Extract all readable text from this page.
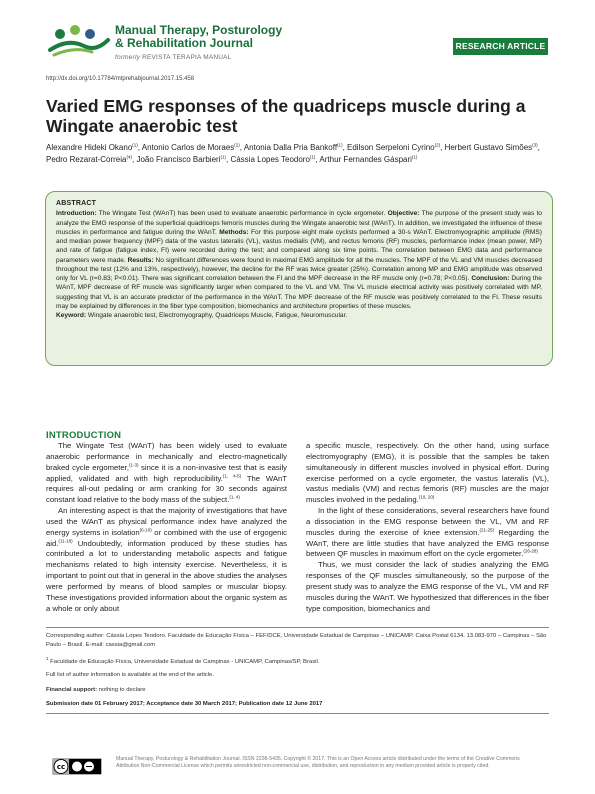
Manual Therapy, Posturology
& Rehabilitation Journal
formerly REVISTA TERAPIA MANUAL
RESEARCH ARTICLE
http://dx.doi.org/10.17784/mtprehabjournal.2017.15.458
Varied EMG responses of the quadriceps muscle during a Wingate anaerobic test
Alexandre Hideki Okano$^{(1)}$, Antonio Carlos de Moraes$^{(1)}$, Antonia Dalla Pria Bankoff$^{(1)}$, Edilson Serpeloni Cyrino$^{(2)}$, Herbert Gustavo Simões$^{(3)}$, Pedro Rezarat-Correia$^{(4)}$, João Francisco Barbieri$^{(1)}$, Cássia Lopes Teodoro$^{(1)}$, Arthur Fernandes Gáspari$^{(1)}$
ABSTRACT
Introduction: The Wingate Test (WAnT) has been used to evaluate anaerobic performance in cycle ergometer. Objective: The purpose of the present study was to analyze the EMG response of the superficial quadriceps femoris muscles during the Wingate anaerobic test (WAnT). In addition, we investigated the influence of these muscles in performance and fatigue during the WAnT. Methods: For this purpose eight male cyclists performed a 30-s WAnT. Electromyographic amplitude (RMS) and median power frequency (MPF) data of the vastus lateralis (VL), vastus medialis (VM), and rectus femoris (RF) muscles, performance index (mean power, MP) and rate of fatigue (fatigue index, FI) were recorded during the test; and compared along six time points. The correlation between EMG data and performance parameters were made. Results: No significant differences were found in maximal EMG amplitude for all the muscles. The MPF of the VL and VM muscles decreased throughout the test (12% and 13%, respectively), however, the decline for the RF was twice greater (25%). Correlation among MP and EMG amplitude was observed only for VL (r=0.83; P<0.01). There was significant correlation between the FI and the MPF decrease in the RF muscle only (r=0.78; P<0.05). Conclusion: During the WAnT, MPF decrease of RF muscle was significantly larger when compared to the VL and VM. The VL muscle electrical activity was positively correlated with MP, suggesting that VL is an accurate predictor of the performance in the WAnT. The MPF decrease of the RF muscle was positively correlated to the FI. These results may be explained by differences in the fiber type composition, biomechanics and architecture properties of these muscles.
Keyword: Wingate anaerobic test, Electromyography, Quadriceps Muscle, Fatigue, Neuromuscular.
INTRODUCTION

The Wingate Test (WAnT) has been widely used to evaluate anaerobic performance in mechanically and electro-magnetically braked cycle ergometer,$^{(1-3)}$ since it is a non-invasive test that is easily applied, validated and with high reproducibility.$^{(1, 4-5)}$ The WAnT requires all-out pedaling or arm cranking for 30 seconds against constant load relative to the body mass of the subject.$^{(1, 4)}$

An interesting aspect is that the majority of investigations that have used the WAnT as physical performance index have analyzed the energy systems in isolation$^{(6-10)}$ or combined with the use of ergogenic aid.$^{(11-18)}$ Undoubtedly, information produced by these studies has contributed a lot to understanding metabolic aspects and fatigue mechanisms related to high intensity exercise. Nevertheless, it is important to point out that in general in the above studies the analyses were performed by means of blood samples or muscular biopsy. These investigations provided information about the organic system as a whole or only about

a specific muscle, respectively. On the other hand, using surface electromyography (EMG), it is possible that the samples be taken simultaneously in different muscles involved in physical effort. During exercise performed on a cycle ergometer, the vastus lateralis (VL), vastus medialis (VM) and rectus femoris (RF) muscles are the major muscles involved in the pedaling.$^{(19, 20)}$

In the light of these considerations, several researchers have found a dissociation in the EMG response between the VL, VM and RF muscles during the exercise of knee extension.$^{(21-25)}$ Regarding the WAnT, there are little studies that have analyzed the EMG response between QF muscles in maximum effort on the cycle ergometer.$^{(26-28)}$

Thus, we must consider the lack of studies analyzing the EMG responses of the QF muscles simultaneously, so the purpose of the present study was to analyze the EMG response of the VL, VM and RF muscles during the WAnT. We hypothesized that differences in the fiber type composition, biomechanics and

Corresponding author: Cássia Lopes Teodoro. Faculdade de Educação Física – FEF/DCE, Universidade Estadual de Campinas – UNICAMP. Caixa Postal 6134. 13.083-970 – Campinas – São Paulo – Brasil. E-mail: cassia@gmail.com
$^1$ Faculdade de Educação Física, Universidade Estadual de Campinas - UNICAMP, Campinas/SP, Brasil.
Full list of author information is available at the end of the article.
Financial support: nothing to declare
Submission date 01 February 2017; Acceptance date 30 March 2017; Publication date 12 June 2017
cc
Manual Therapy, Posturology & Rehabilitation Journal. ISSN 2236-5435. Copyright © 2017. This is an Open Access article distributed under the terms of the Creative Commons Attribution Non-Commercial License which permits unrestricted non-commercial use, distribution, and reproduction in any medium provided article is properly cited.
